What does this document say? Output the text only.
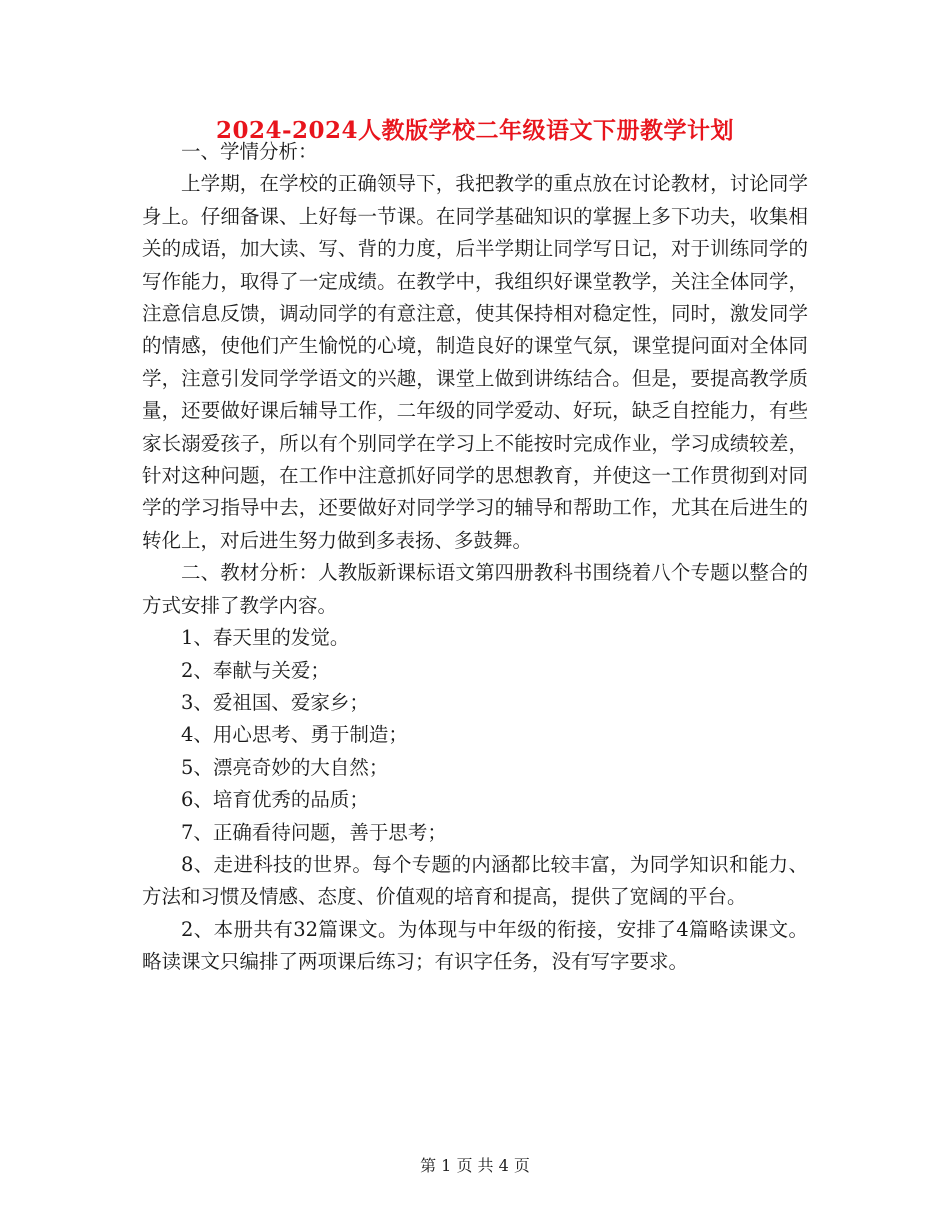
2024-2024人教版学校二年级语文下册教学计划

一、学情分析：

上学期，在学校的正确领导下，我把教学的重点放在讨论教材，讨论同学身上。仔细备课、上好每一节课。在同学基础知识的掌握上多下功夫，收集相关的成语，加大读、写、背的力度，后半学期让同学写日记，对于训练同学的写作能力，取得了一定成绩。在教学中，我组织好课堂教学，关注全体同学，注意信息反馈，调动同学的有意注意，使其保持相对稳定性，同时，激发同学的情感，使他们产生愉悦的心境，制造良好的课堂气氛，课堂提问面对全体同学，注意引发同学学语文的兴趣，课堂上做到讲练结合。但是，要提高教学质量，还要做好课后辅导工作，二年级的同学爱动、好玩，缺乏自控能力，有些家长溺爱孩子，所以有个别同学在学习上不能按时完成作业，学习成绩较差，针对这种问题，在工作中注意抓好同学的思想教育，并使这一工作贯彻到对同学的学习指导中去，还要做好对同学学习的辅导和帮助工作，尤其在后进生的转化上，对后进生努力做到多表扬、多鼓舞。

二、教材分析：人教版新课标语文第四册教科书围绕着八个专题以整合的方式安排了教学内容。

1、春天里的发觉。

2、奉献与关爱；

3、爱祖国、爱家乡；

4、用心思考、勇于制造；

5、漂亮奇妙的大自然；

6、培育优秀的品质；

7、正确看待问题，善于思考；

8、走进科技的世界。每个专题的内涵都比较丰富，为同学知识和能力、方法和习惯及情感、态度、价值观的培育和提高，提供了宽阔的平台。

2、本册共有32篇课文。为体现与中年级的衔接，安排了4篇略读课文。略读课文只编排了两项课后练习；有识字任务，没有写字要求。

第 1 页 共 4 页
